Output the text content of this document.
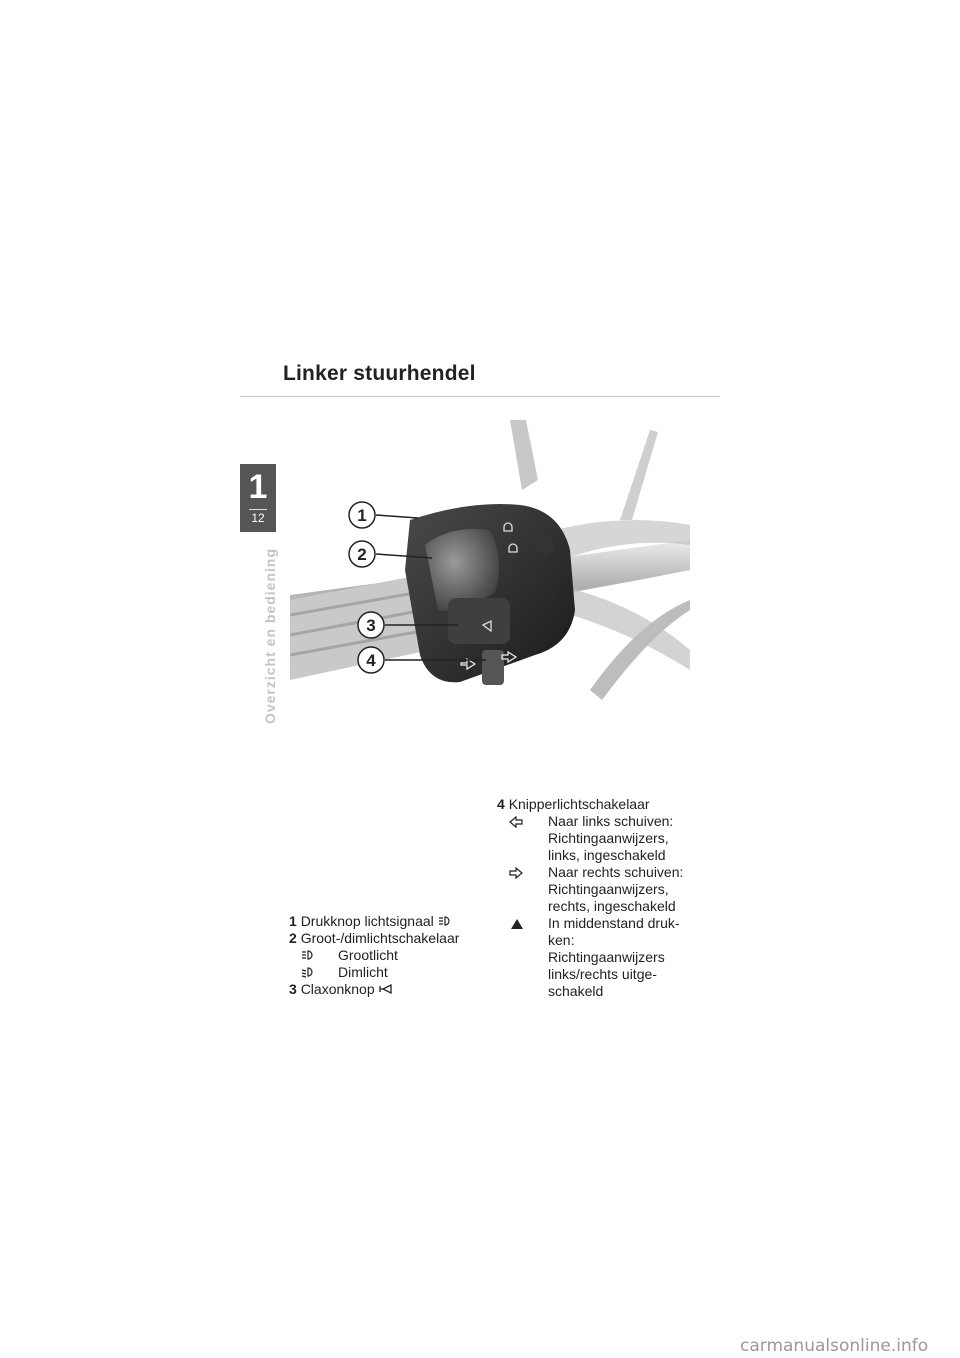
Linker stuurhendel
1
12
Overzicht en bediening
1
2
3
4
1 Drukknop lichtsignaal
2 Groot-/dimlichtschakelaar
Grootlicht
Dimlicht
3 Claxonknop
4 Knipperlichtschakelaar
Naar links schuiven:
Richtingaanwijzers,
links, ingeschakeld
Naar rechts schuiven:
Richtingaanwijzers,
rechts, ingeschakeld
In middenstand druk-
ken:
Richtingaanwijzers
links/rechts uitge-
schakeld
carmanualsonline.info
